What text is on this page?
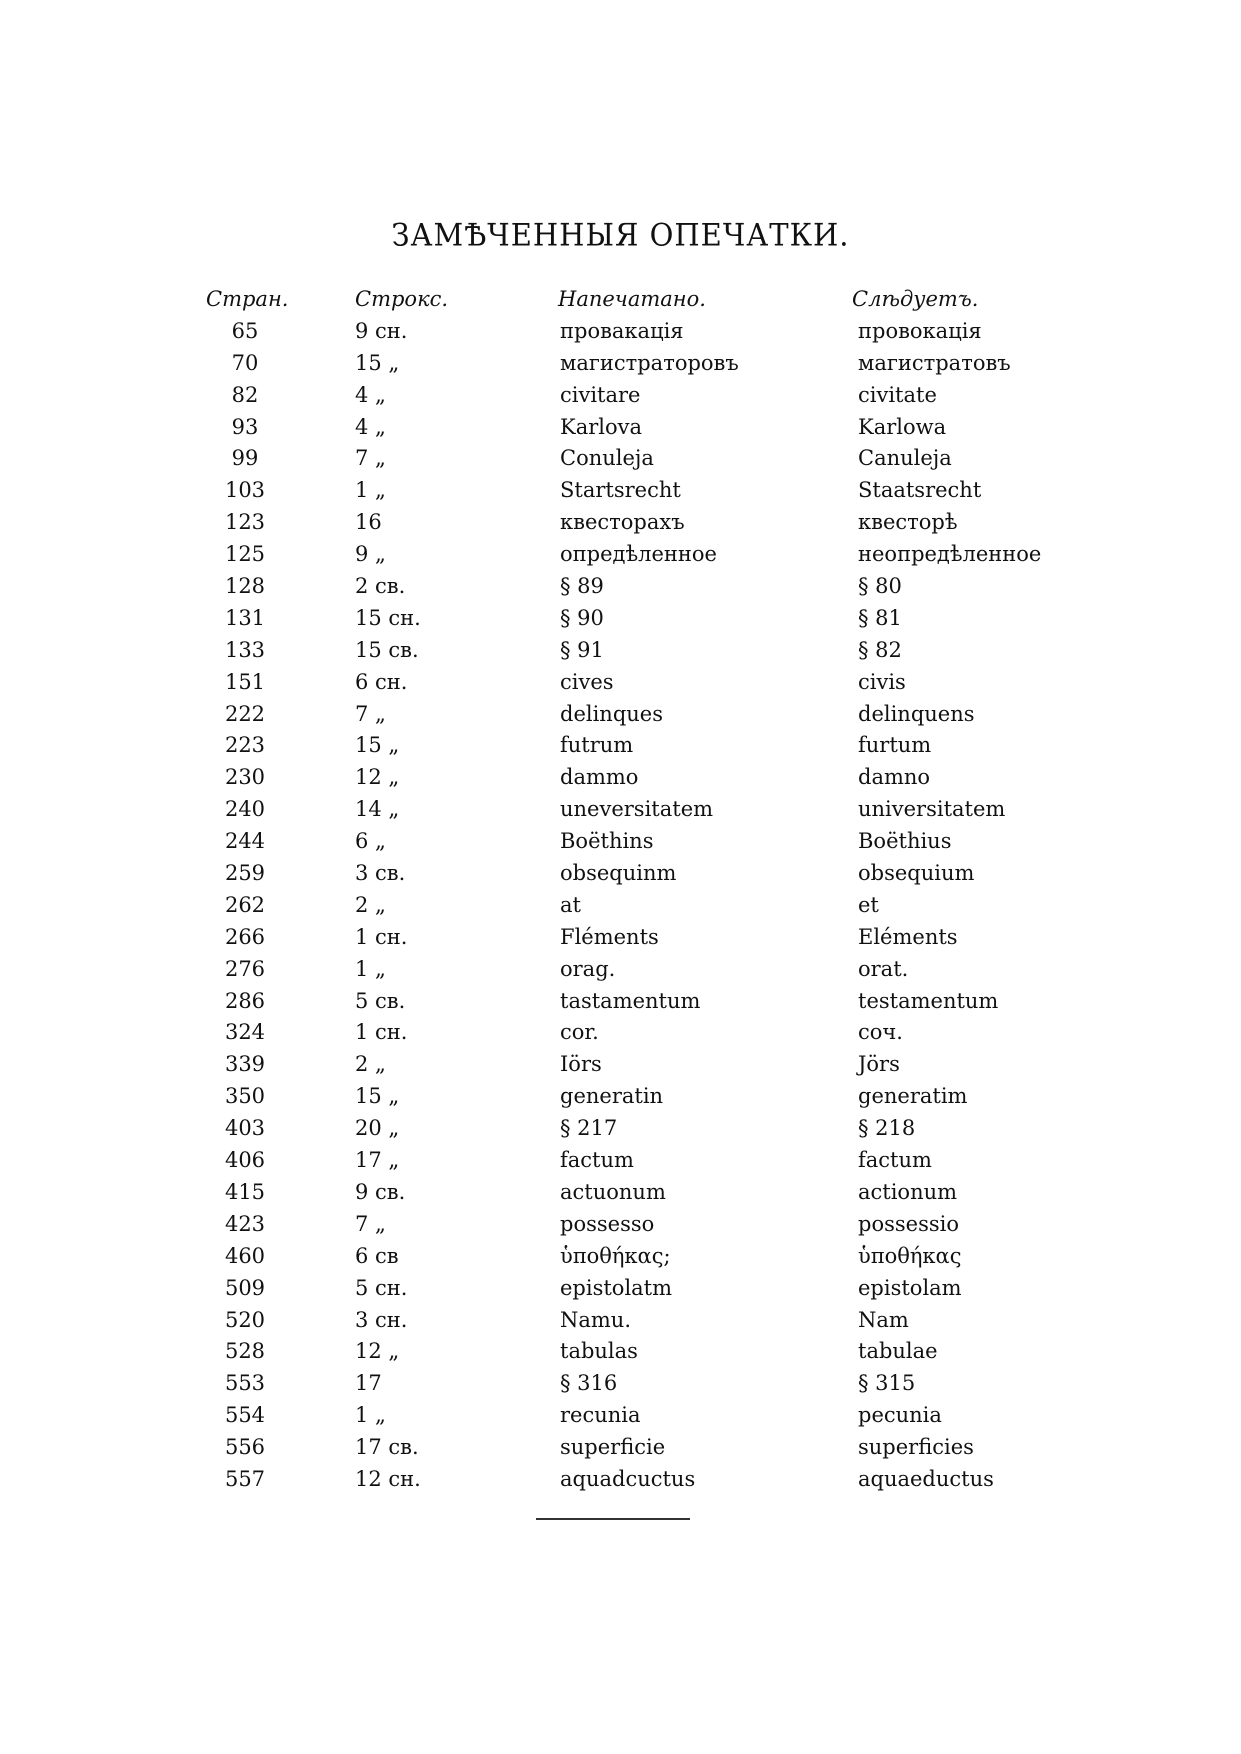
ЗАМѢЧЕННЫЯ ОПЕЧАТКИ.
Стран.	Строкс.	Напечатано.	Слѣдуетъ.
65	9 сн.	провакація	провокація
70	15 „	магистраторовъ	магистратовъ
82	4 „	civitare	civitate
93	4 „	Karlova	Karlowa
99	7 „	Conuleja	Canuleja
103	1 „	Startsrecht	Staatsrecht
123	16	квесторахъ	квесторѣ
125	9 „	опредѣленное	неопредѣленное
128	2 св.	§ 89	§ 80
131	15 сн.	§ 90	§ 81
133	15 св.	§ 91	§ 82
151	6 сн.	cives	civis
222	7 „	delinques	delinquens
223	15 „	futrum	furtum
230	12 „	dammo	damno
240	14 „	uneversitatem	universitatem
244	6 „	Boëthins	Boëthius
259	3 св.	obsequinm	obsequium
262	2 „	at	et
266	1 сн.	Fléments	Eléments
276	1 „	orag.	orat.
286	5 св.	tastamentum	testamentum
324	1 сн.	cor.	соч.
339	2 „	Iörs	Jörs
350	15 „	generatin	generatim
403	20 „	§ 217	§ 218
406	17 „	factum	factum
415	9 св.	actuonum	actionum
423	7 „	possesso	possessio
460	6 св	ὑποθήκας;	ὑποθήκας
509	5 сн.	epistolatm	epistolam
520	3 сн.	Namu.	Nam
528	12 „	tabulas	tabulae
553	17	§ 316	§ 315
554	1 „	recunia	pecunia
556	17 св.	superficie	superficies
557	12 сн.	aquadcuctus	aquaeductus
